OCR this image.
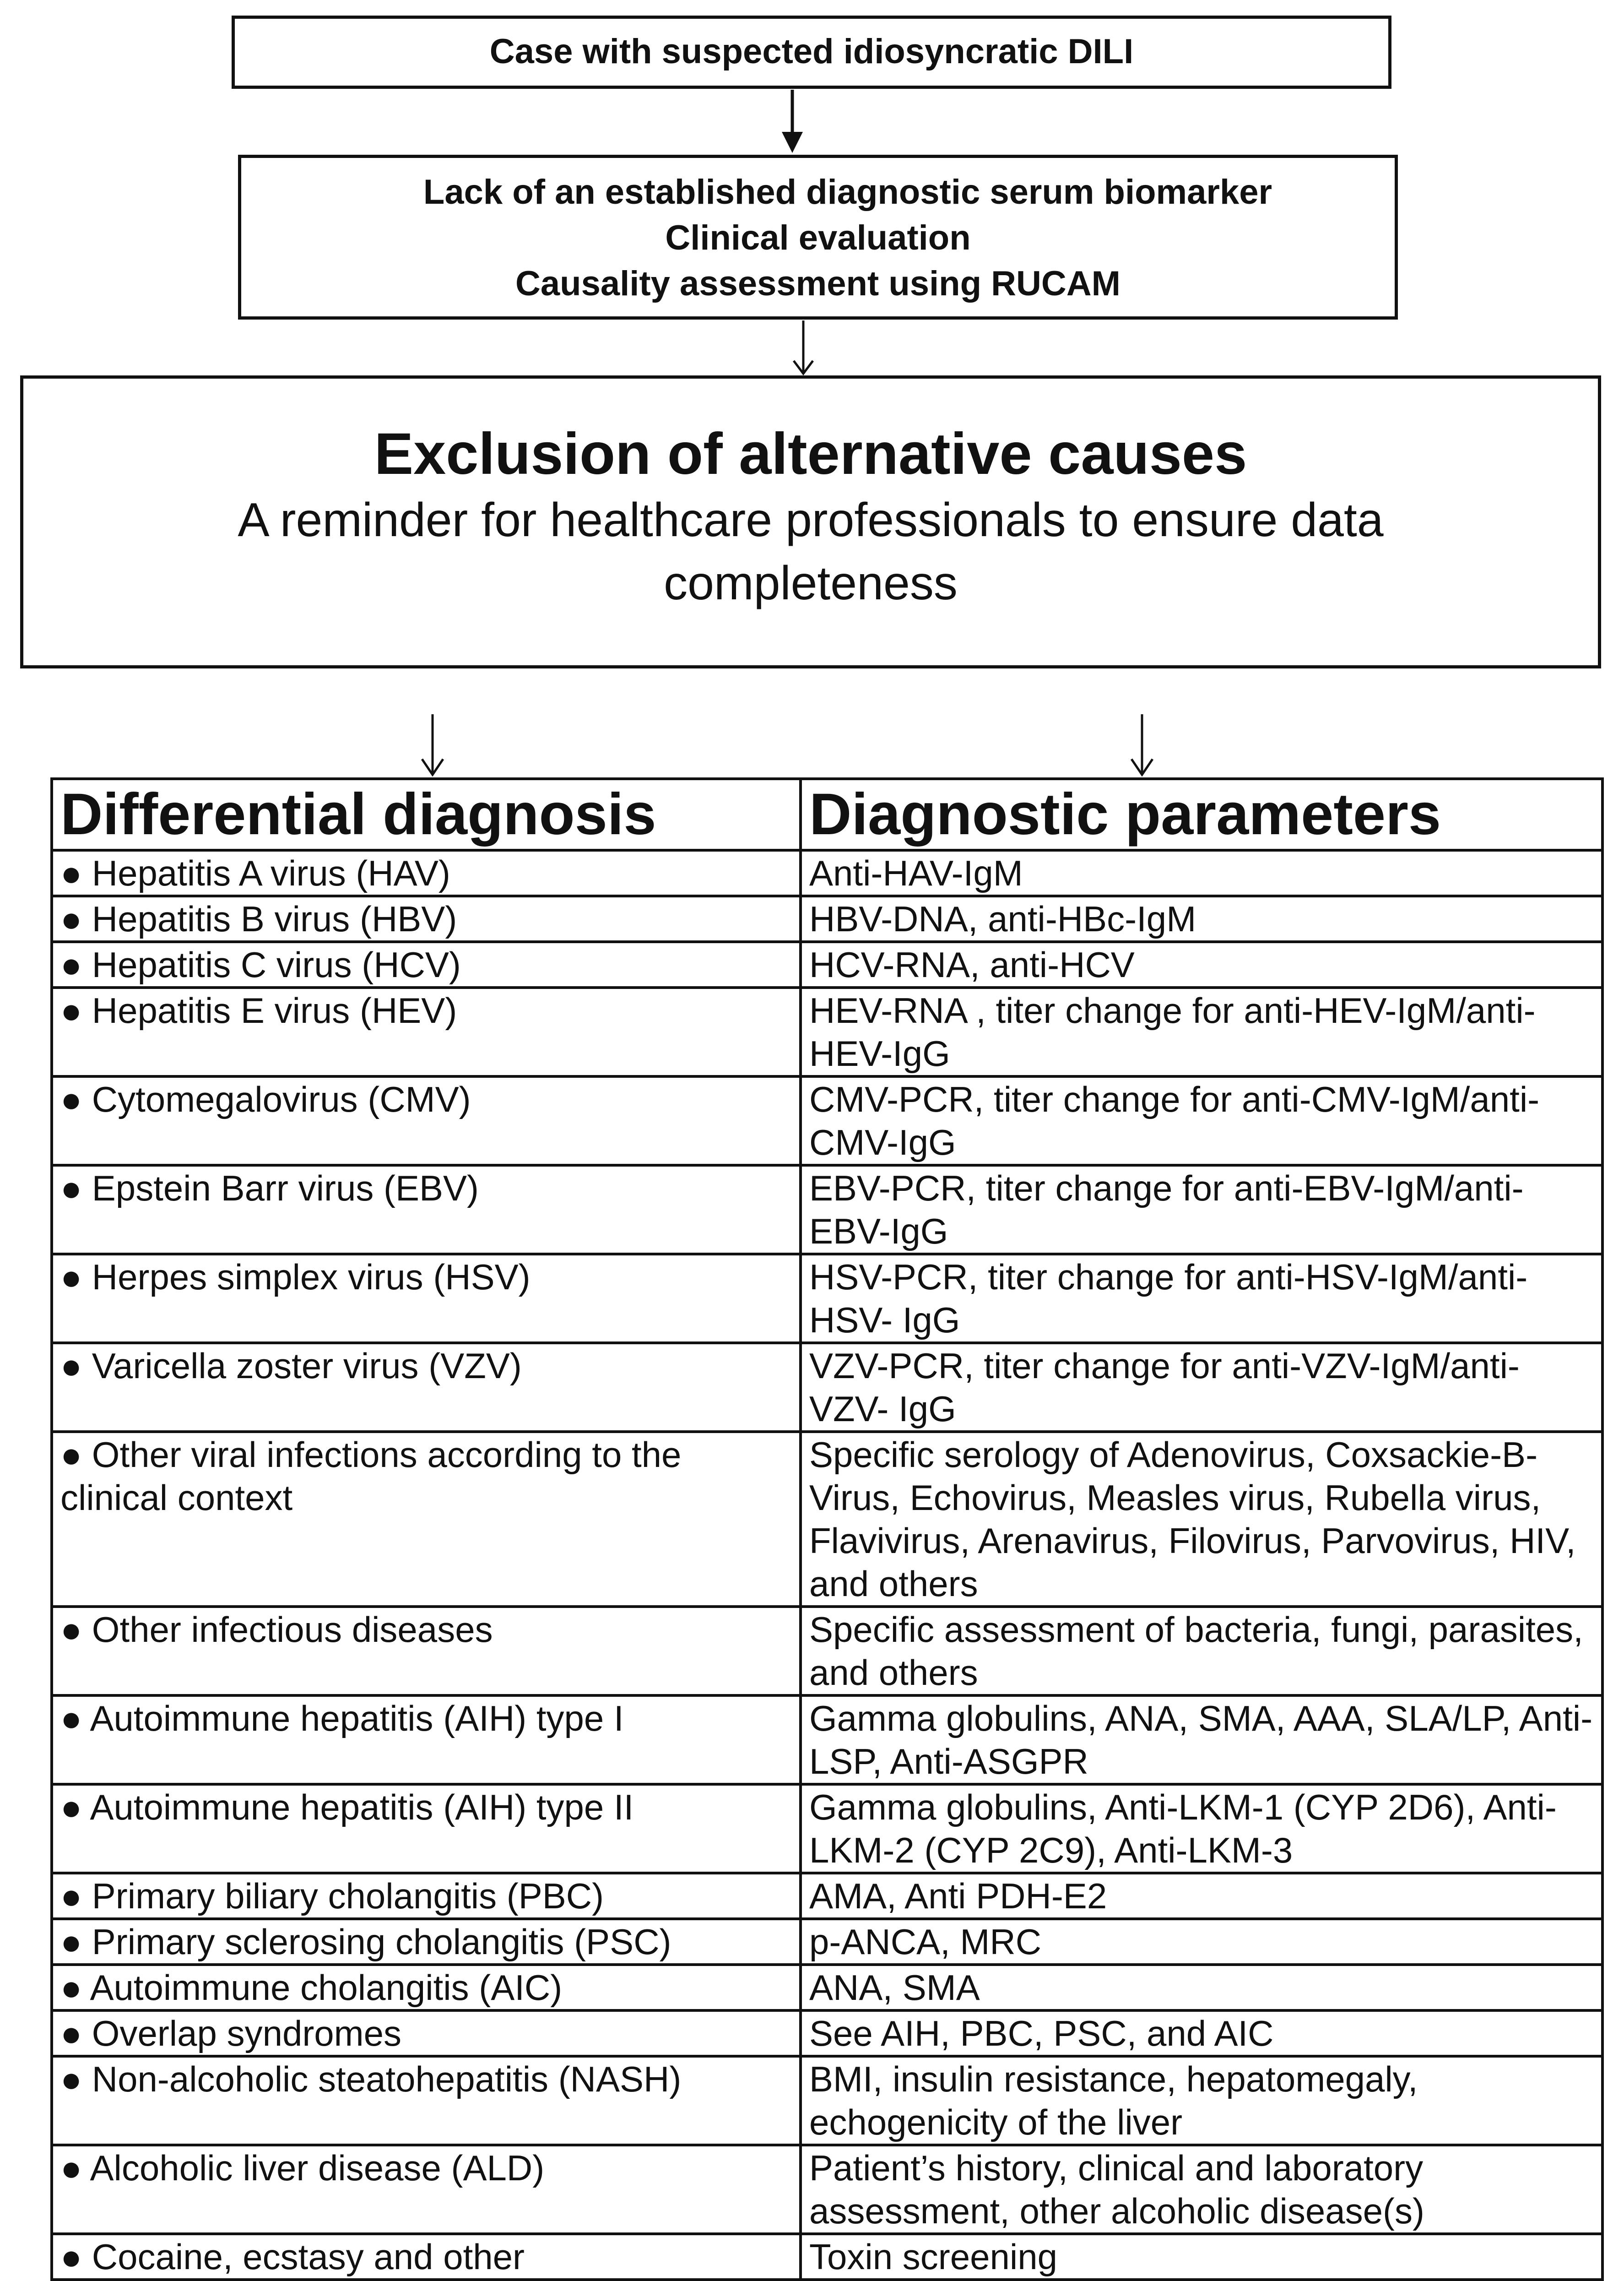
Case with suspected idiosyncratic DILI
Lack of an established diagnostic serum biomarker
Clinical evaluation
Causality assessment using RUCAM
Exclusion of alternative causes
A reminder for healthcare professionals to ensure data completeness
Differential diagnosis	Diagnostic parameters
● Hepatitis A virus (HAV)	Anti-HAV-IgM
● Hepatitis B virus (HBV)	HBV-DNA, anti-HBc-IgM
● Hepatitis C virus (HCV)	HCV-RNA, anti-HCV
● Hepatitis E virus (HEV)	HEV-RNA , titer change for anti-HEV-IgM/anti-HEV-IgG
● Cytomegalovirus (CMV)	CMV-PCR, titer change for anti-CMV-IgM/anti-CMV-IgG
● Epstein Barr virus (EBV)	EBV-PCR, titer change for anti-EBV-IgM/anti-EBV-IgG
● Herpes simplex virus (HSV)	HSV-PCR, titer change for anti-HSV-IgM/anti-HSV- IgG
● Varicella zoster virus (VZV)	VZV-PCR, titer change for anti-VZV-IgM/anti-VZV- IgG
● Other viral infections according to the clinical context	Specific serology of Adenovirus, Coxsackie-B-Virus, Echovirus, Measles virus, Rubella virus, Flavivirus, Arenavirus, Filovirus, Parvovirus, HIV, and others
● Other infectious diseases	Specific assessment of bacteria, fungi, parasites, and others
● Autoimmune hepatitis (AIH) type I	Gamma globulins, ANA, SMA, AAA, SLA/LP, Anti-LSP, Anti-ASGPR
● Autoimmune hepatitis (AIH) type II	Gamma globulins, Anti-LKM-1 (CYP 2D6), Anti-LKM-2 (CYP 2C9), Anti-LKM-3
● Primary biliary cholangitis (PBC)	AMA, Anti PDH-E2
● Primary sclerosing cholangitis (PSC)	p-ANCA, MRC
● Autoimmune cholangitis (AIC)	ANA, SMA
● Overlap syndromes	See AIH, PBC, PSC, and AIC
● Non-alcoholic steatohepatitis (NASH)	BMI, insulin resistance, hepatomegaly, echogenicity of the liver
● Alcoholic liver disease (ALD)	Patient’s history, clinical and laboratory assessment, other alcoholic disease(s)
● Cocaine, ecstasy and other	Toxin screening
